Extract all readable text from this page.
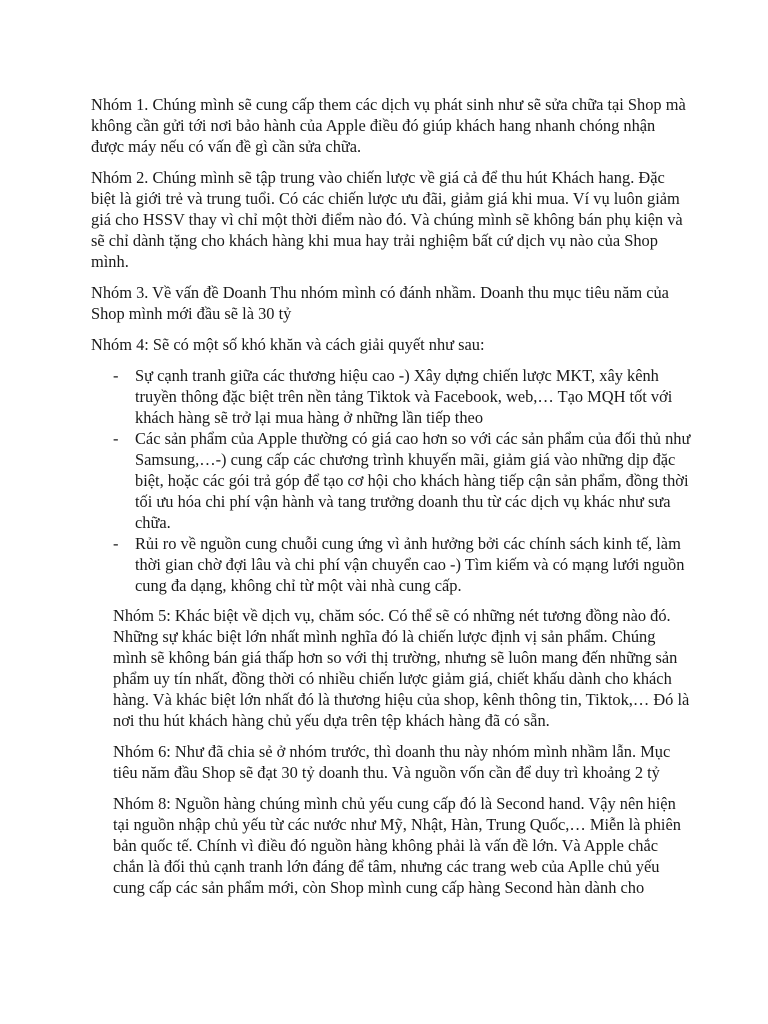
Nhóm 1. Chúng mình sẽ cung cấp them các dịch vụ phát sinh như sẽ sửa chữa tại Shop mà không cần gửi tới nơi bảo hành của Apple điều đó giúp khách hang nhanh chóng nhận được máy nếu có vấn đề gì cần sửa chữa.

Nhóm 2. Chúng mình sẽ tập trung vào chiến lược về giá cả để thu hút Khách hang. Đặc biệt là giới trẻ và trung tuổi. Có các chiến lược ưu đãi, giảm giá khi mua. Ví vụ luôn giảm giá cho HSSV thay vì chỉ một thời điểm nào đó. Và chúng mình sẽ không bán phụ kiện và sẽ chỉ dành tặng cho khách hàng khi mua hay trải nghiệm bất cứ dịch vụ nào của Shop mình.

Nhóm 3. Về vấn đề Doanh Thu nhóm mình có đánh nhầm. Doanh thu mục tiêu năm của Shop mình mới đầu sẽ là 30 tỷ

Nhóm 4: Sẽ có một số khó khăn và cách giải quyết như sau:

- Sự cạnh tranh giữa các thương hiệu cao -) Xây dựng chiến lược MKT, xây kênh truyền thông đặc biệt trên nền tảng Tiktok và Facebook, web,… Tạo MQH tốt với khách hàng sẽ trở lại mua hàng ở những lần tiếp theo
- Các sản phẩm của Apple thường có giá cao hơn so với các sản phẩm của đối thủ như Samsung,…-) cung cấp các chương trình khuyến mãi, giảm giá vào những dịp đặc biệt, hoặc các gói trả góp để tạo cơ hội cho khách hàng tiếp cận sản phẩm, đồng thời tối ưu hóa chi phí vận hành và tang trưởng doanh thu từ các dịch vụ khác như sưa chữa.
- Rủi ro về nguồn cung chuỗi cung ứng vì ảnh hưởng bởi các chính sách kinh tế, làm thời gian chờ đợi lâu và chi phí vận chuyển cao -) Tìm kiếm và có mạng lưới nguồn cung đa dạng, không chỉ từ một vài nhà cung cấp.

Nhóm 5: Khác biệt về dịch vụ, chăm sóc. Có thể sẽ có những nét tương đồng nào đó. Những sự khác biệt lớn nhất mình nghĩa đó là chiến lược định vị sản phẩm. Chúng mình sẽ không bán giá thấp hơn so với thị trường, nhưng sẽ luôn mang đến những sản phẩm uy tín nhất, đồng thời có nhiều chiến lược giảm giá, chiết khấu dành cho khách hàng. Và khác biệt lớn nhất đó là thương hiệu của shop, kênh thông tin, Tiktok,… Đó là nơi thu hút khách hàng chủ yếu dựa trên tệp khách hàng đã có sẵn.

Nhóm 6: Như đã chia sẻ ở nhóm trước, thì doanh thu này nhóm mình nhầm lẫn. Mục tiêu năm đầu Shop sẽ đạt 30 tỷ doanh thu. Và nguồn vốn cần để duy trì khoảng 2 tỷ

Nhóm 8: Nguồn hàng chúng mình chủ yếu cung cấp đó là Second hand. Vậy nên hiện tại nguồn nhập chủ yếu từ các nước như Mỹ, Nhật, Hàn, Trung Quốc,… Miễn là phiên bản quốc tế. Chính vì điều đó nguồn hàng không phải là vấn đề lớn. Và Apple chắc chắn là đối thủ cạnh tranh lớn đáng để tâm, nhưng các trang web của Aplle chủ yếu cung cấp các sản phẩm mới, còn Shop mình cung cấp hàng Second hàn dành cho
